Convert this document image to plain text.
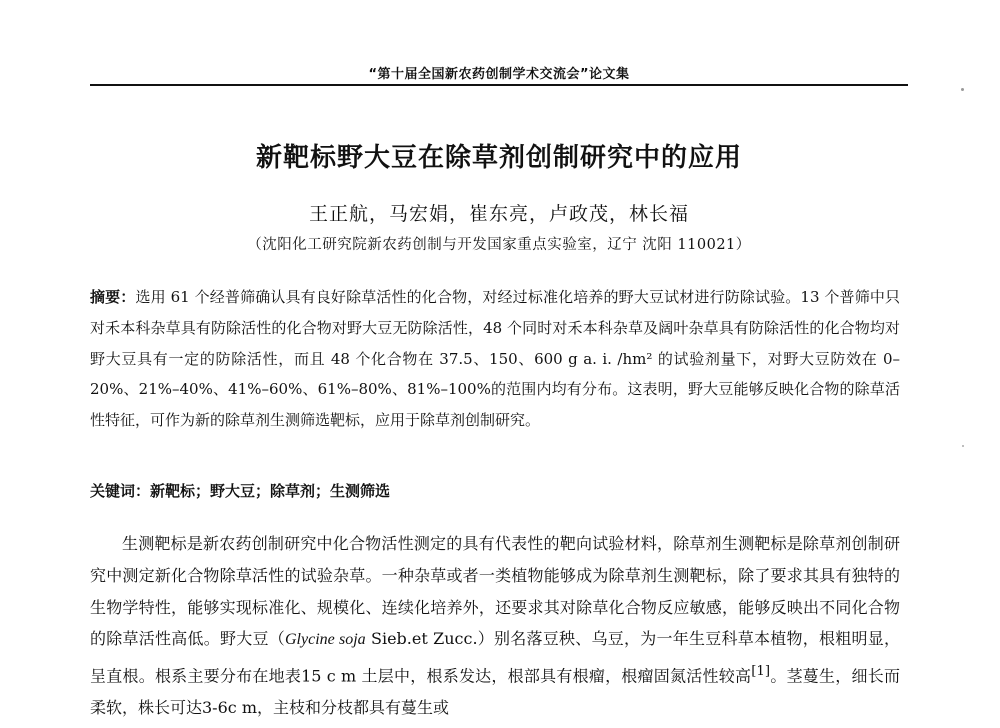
“第十届全国新农药创制学术交流会”论文集
新靶标野大豆在除草剂创制研究中的应用
王正航，马宏娟，崔东亮，卢政茂，林长福
（沈阳化工研究院新农药创制与开发国家重点实验室，辽宁 沈阳 110021）
摘要：选用 61 个经普筛确认具有良好除草活性的化合物，对经过标准化培养的野大豆试材进行防除试验。13 个普筛中只对禾本科杂草具有防除活性的化合物对野大豆无防除活性，48 个同时对禾本科杂草及阔叶杂草具有防除活性的化合物均对野大豆具有一定的防除活性，而且 48 个化合物在 37.5、150、600 g a. i. /hm² 的试验剂量下，对野大豆防效在 0–20%、21%–40%、41%–60%、61%–80%、81%–100%的范围内均有分布。这表明，野大豆能够反映化合物的除草活性特征，可作为新的除草剂生测筛选靶标，应用于除草剂创制研究。
关键词：新靶标；野大豆；除草剂；生测筛选
生测靶标是新农药创制研究中化合物活性测定的具有代表性的靶向试验材料，除草剂生测靶标是除草剂创制研究中测定新化合物除草活性的试验杂草。一种杂草或者一类植物能够成为除草剂生测靶标，除了要求其具有独特的生物学特性，能够实现标准化、规模化、连续化培养外，还要求其对除草化合物反应敏感，能够反映出不同化合物的除草活性高低。野大豆（Glycine soja Sieb.et Zucc.）别名落豆秧、乌豆，为一年生豆科草本植物，根粗明显，呈直根。根系主要分布在地表15 c m 土层中，根系发达，根部具有根瘤，根瘤固氮活性较高[1]。茎蔓生，细长而柔软，株长可达3-6c m，主枝和分枝都具有蔓生或
